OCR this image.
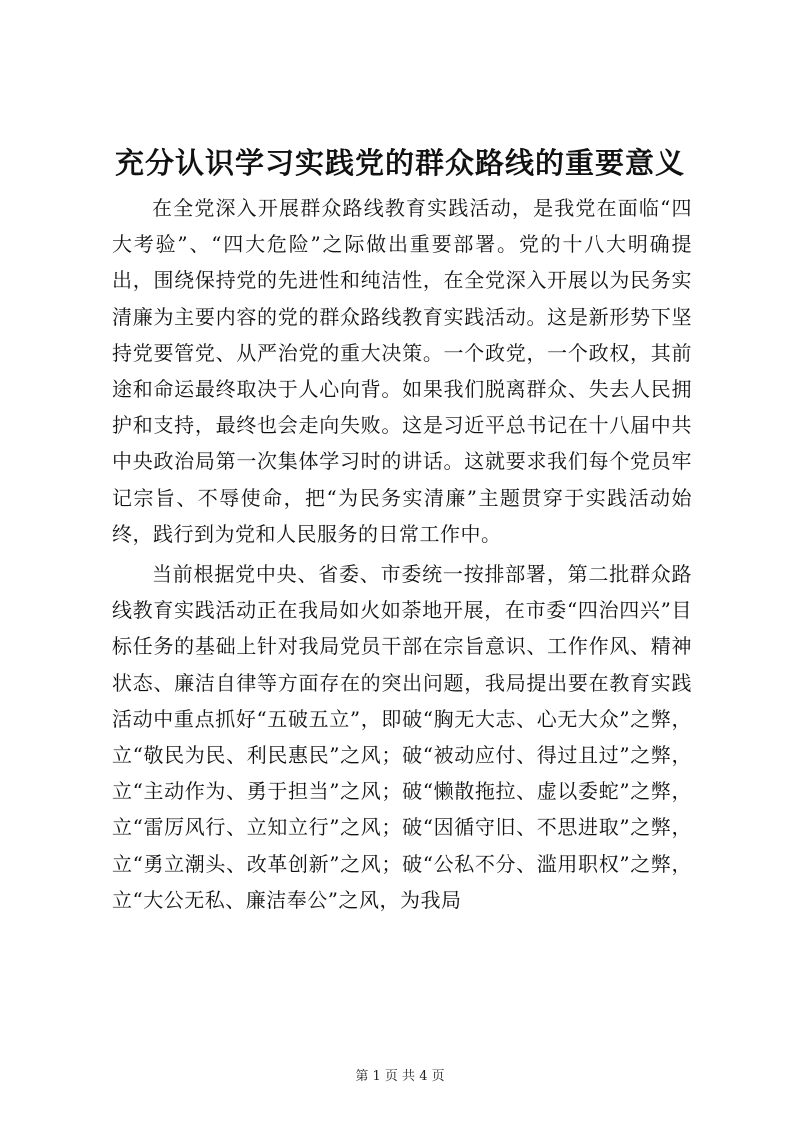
充分认识学习实践党的群众路线的重要意义

在全党深入开展群众路线教育实践活动，是我党在面临“四大考验”、“四大危险”之际做出重要部署。党的十八大明确提出，围绕保持党的先进性和纯洁性，在全党深入开展以为民务实清廉为主要内容的党的群众路线教育实践活动。这是新形势下坚持党要管党、从严治党的重大决策。一个政党，一个政权，其前途和命运最终取决于人心向背。如果我们脱离群众、失去人民拥护和支持，最终也会走向失败。这是习近平总书记在十八届中共中央政治局第一次集体学习时的讲话。这就要求我们每个党员牢记宗旨、不辱使命，把“为民务实清廉”主题贯穿于实践活动始终，践行到为党和人民服务的日常工作中。

当前根据党中央、省委、市委统一按排部署，第二批群众路线教育实践活动正在我局如火如荼地开展，在市委“四治四兴”目标任务的基础上针对我局党员干部在宗旨意识、工作作风、精神状态、廉洁自律等方面存在的突出问题，我局提出要在教育实践活动中重点抓好“五破五立”，即破“胸无大志、心无大众”之弊，立“敬民为民、利民惠民”之风；破“被动应付、得过且过”之弊，立“主动作为、勇于担当”之风；破“懒散拖拉、虚以委蛇”之弊，立“雷厉风行、立知立行”之风；破“因循守旧、不思进取”之弊，立“勇立潮头、改革创新”之风；破“公私不分、滥用职权”之弊，立“大公无私、廉洁奉公”之风，为我局

第 1 页 共 4 页
